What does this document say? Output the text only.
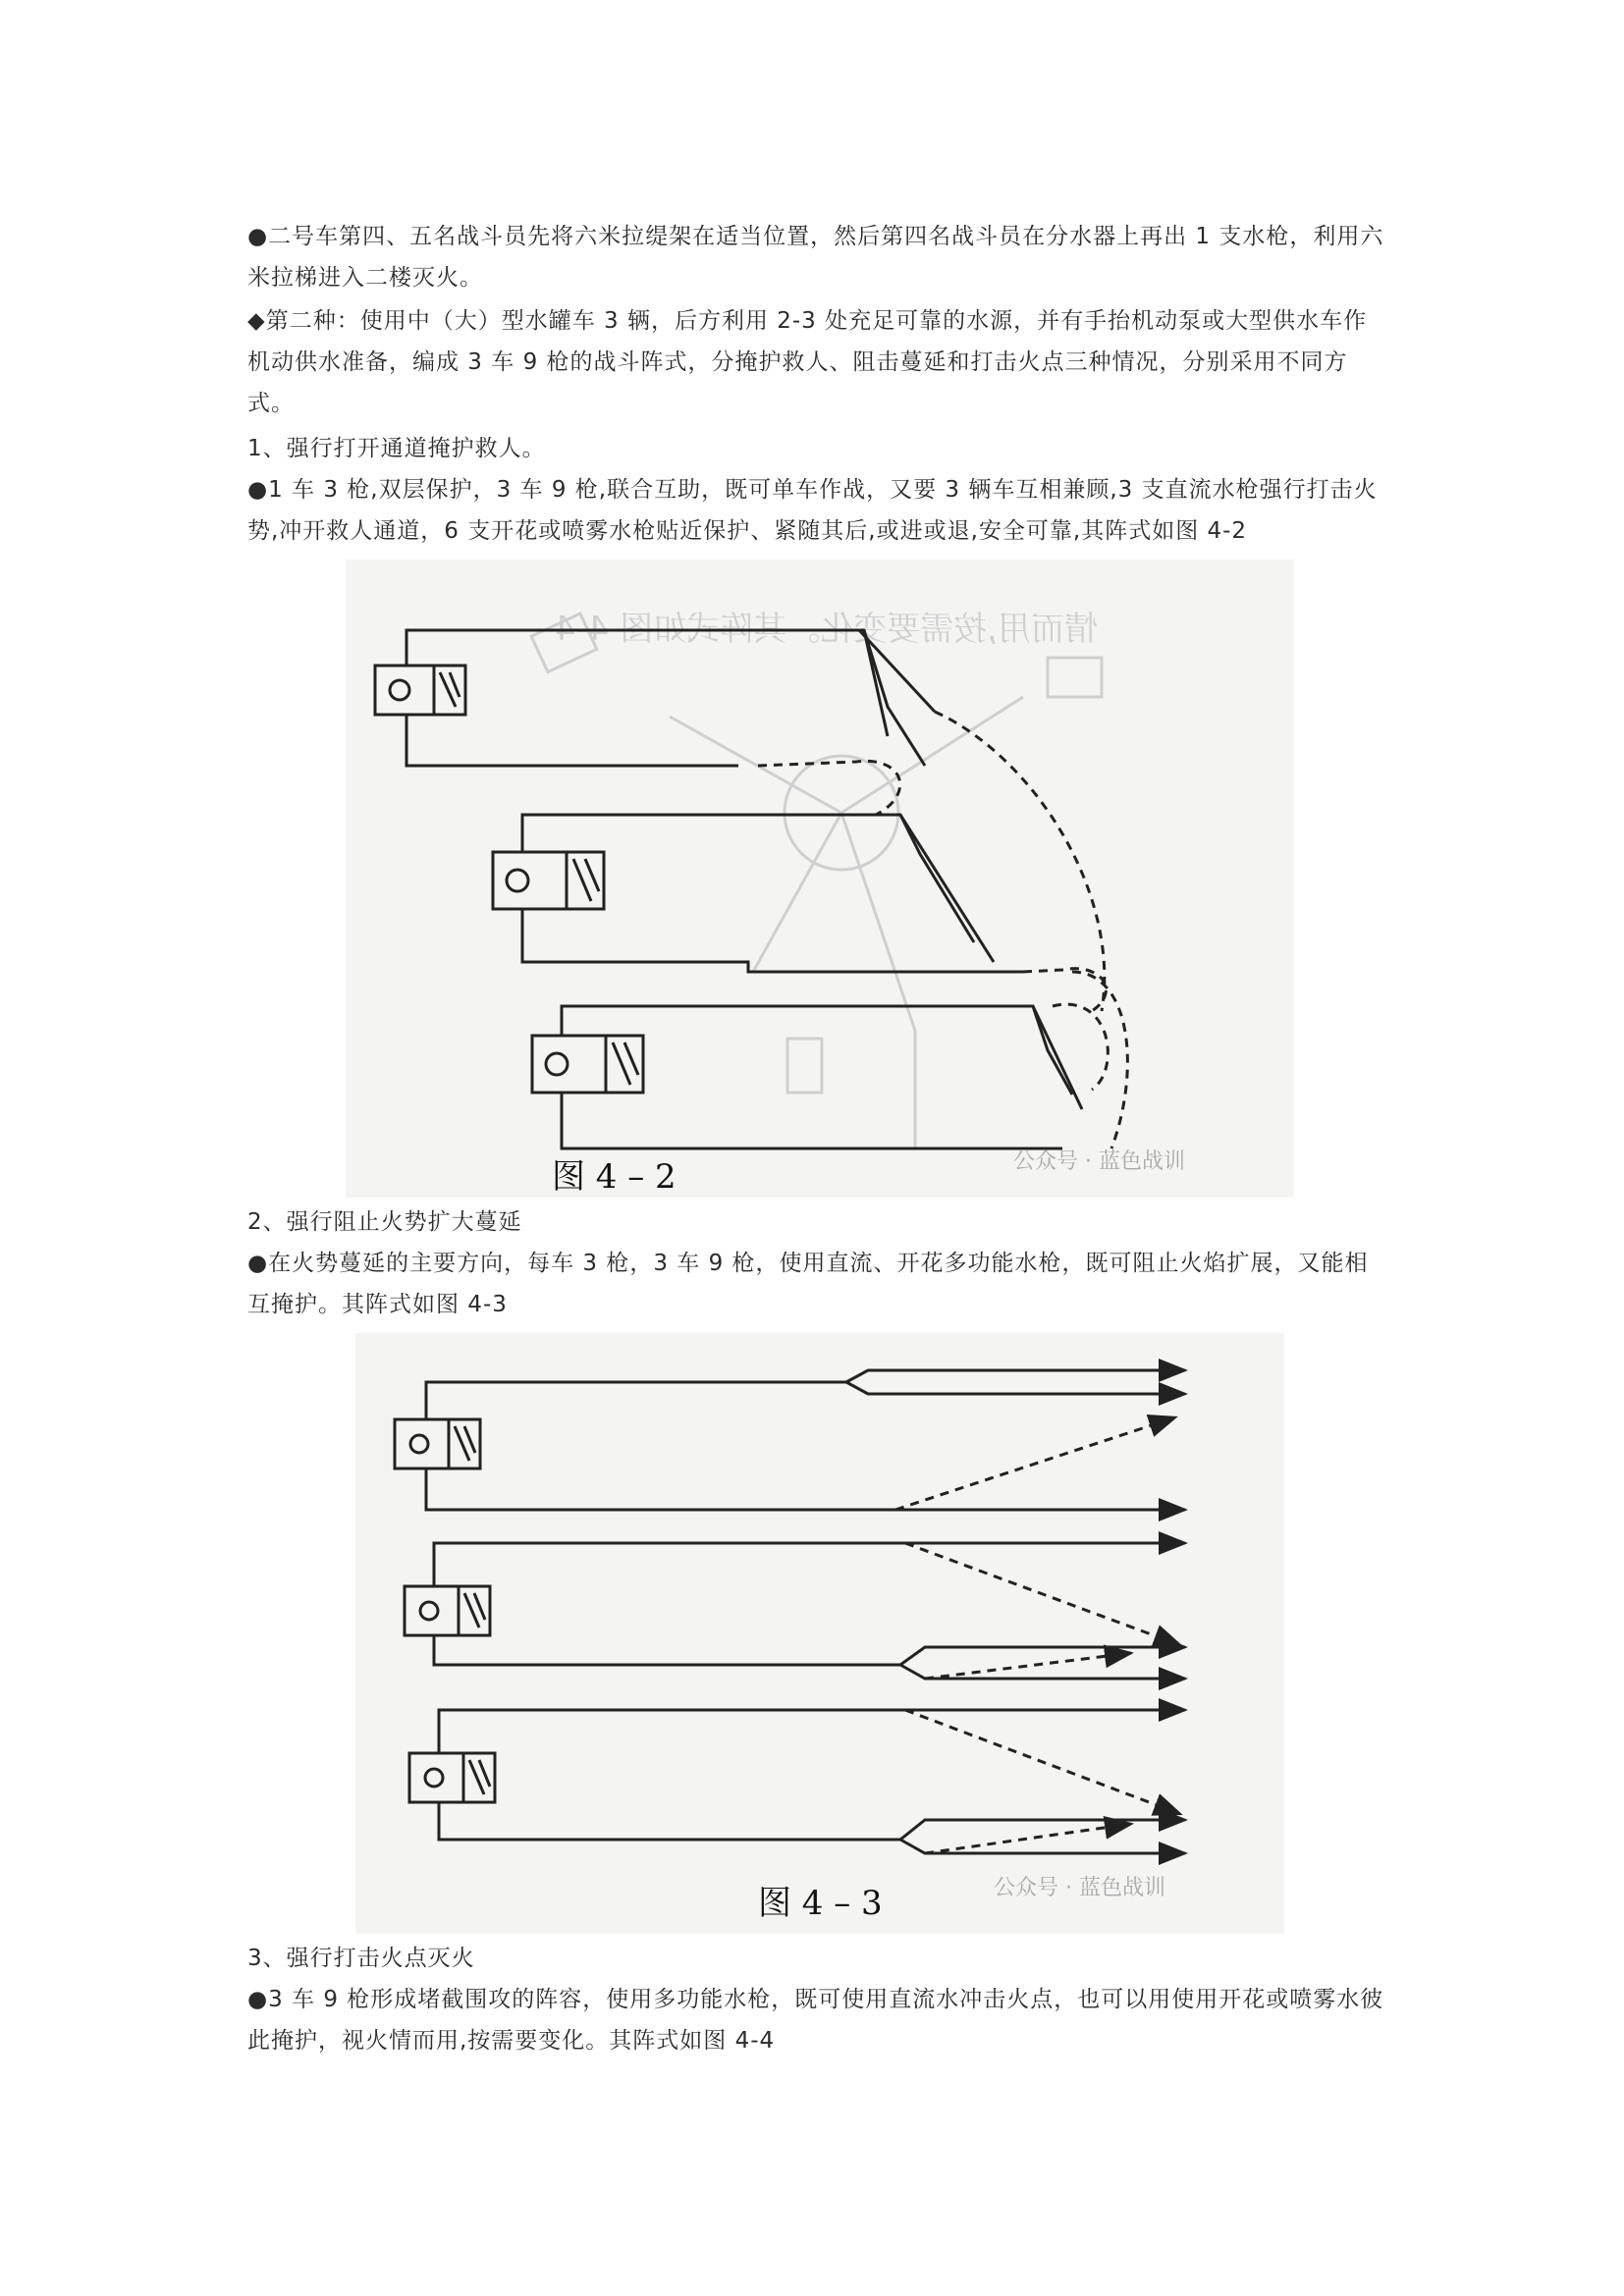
●二号车第四、五名战斗员先将六米拉缇架在适当位置，然后第四名战斗员在分水器上再出 1 支水枪，利用六米拉梯进入二楼灭火。

◆第二种：使用中（大）型水罐车 3 辆，后方利用 2-3 处充足可靠的水源，并有手抬机动泵或大型供水车作机动供水准备，编成 3 车 9 枪的战斗阵式，分掩护救人、阻击蔓延和打击火点三种情况，分别采用不同方式。

1、强行打开通道掩护救人。

●1 车 3 枪,双层保护，3 车 9 枪,联合互助，既可单车作战，又要 3 辆车互相兼顾,3 支直流水枪强行打击火势,冲开救人通道，6 支开花或喷雾水枪贴近保护、紧随其后,或进或退,安全可靠,其阵式如图 4-2

情而用,按需要变化。其阵式如图 4-4
图 4 – 2	公众号 · 蓝色战训

2、强行阻止火势扩大蔓延

●在火势蔓延的主要方向，每车 3 枪，3 车 9 枪，使用直流、开花多功能水枪，既可阻止火焰扩展，又能相互掩护。其阵式如图 4-3

图 4 – 3	公众号 · 蓝色战训

3、强行打击火点灭火

●3 车 9 枪形成堵截围攻的阵容，使用多功能水枪，既可使用直流水冲击火点，也可以用使用开花或喷雾水彼此掩护，视火情而用,按需要变化。其阵式如图 4-4
